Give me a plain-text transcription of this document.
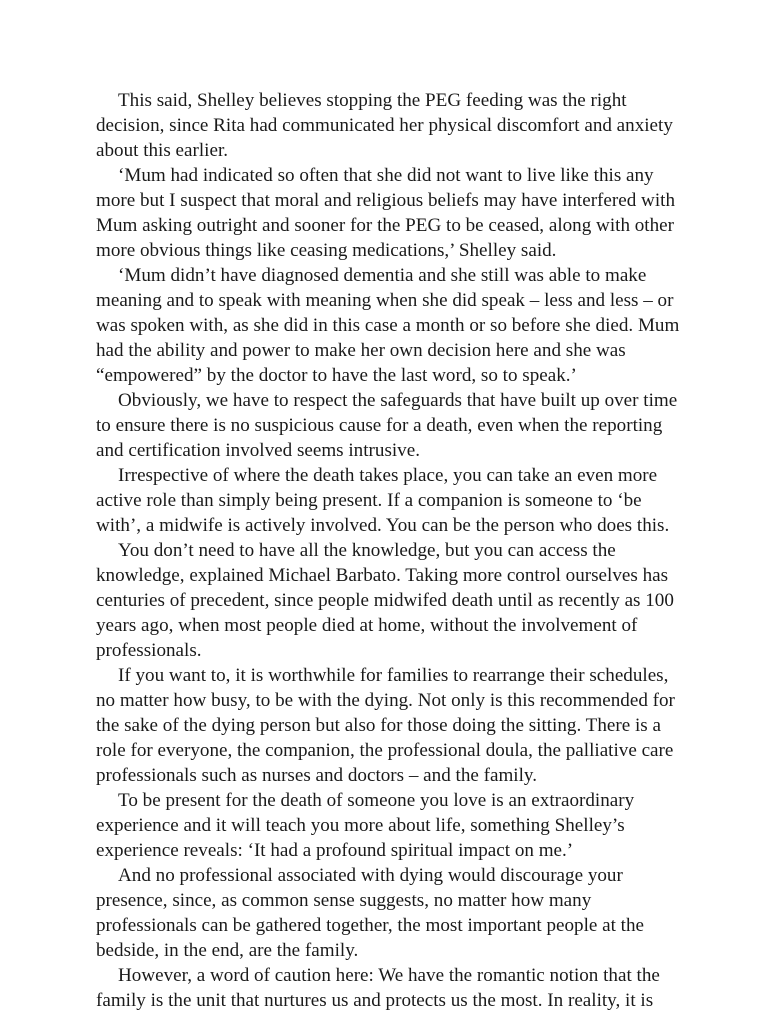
This said, Shelley believes stopping the PEG feeding was the right decision, since Rita had communicated her physical discomfort and anxiety about this earlier.

‘Mum had indicated so often that she did not want to live like this any more but I suspect that moral and religious beliefs may have interfered with Mum asking outright and sooner for the PEG to be ceased, along with other more obvious things like ceasing medications,’ Shelley said.

‘Mum didn’t have diagnosed dementia and she still was able to make meaning and to speak with meaning when she did speak – less and less – or was spoken with, as she did in this case a month or so before she died. Mum had the ability and power to make her own decision here and she was “empowered” by the doctor to have the last word, so to speak.’

Obviously, we have to respect the safeguards that have built up over time to ensure there is no suspicious cause for a death, even when the reporting and certification involved seems intrusive.

Irrespective of where the death takes place, you can take an even more active role than simply being present. If a companion is someone to ‘be with’, a midwife is actively involved. You can be the person who does this.

You don’t need to have all the knowledge, but you can access the knowledge, explained Michael Barbato. Taking more control ourselves has centuries of precedent, since people midwifed death until as recently as 100 years ago, when most people died at home, without the involvement of professionals.

If you want to, it is worthwhile for families to rearrange their schedules, no matter how busy, to be with the dying. Not only is this recommended for the sake of the dying person but also for those doing the sitting. There is a role for everyone, the companion, the professional doula, the palliative care professionals such as nurses and doctors – and the family.

To be present for the death of someone you love is an extraordinary experience and it will teach you more about life, something Shelley’s experience reveals: ‘It had a profound spiritual impact on me.’

And no professional associated with dying would discourage your presence, since, as common sense suggests, no matter how many professionals can be gathered together, the most important people at the bedside, in the end, are the family.

However, a word of caution here: We have the romantic notion that the family is the unit that nurtures us and protects us the most. In reality, it is
